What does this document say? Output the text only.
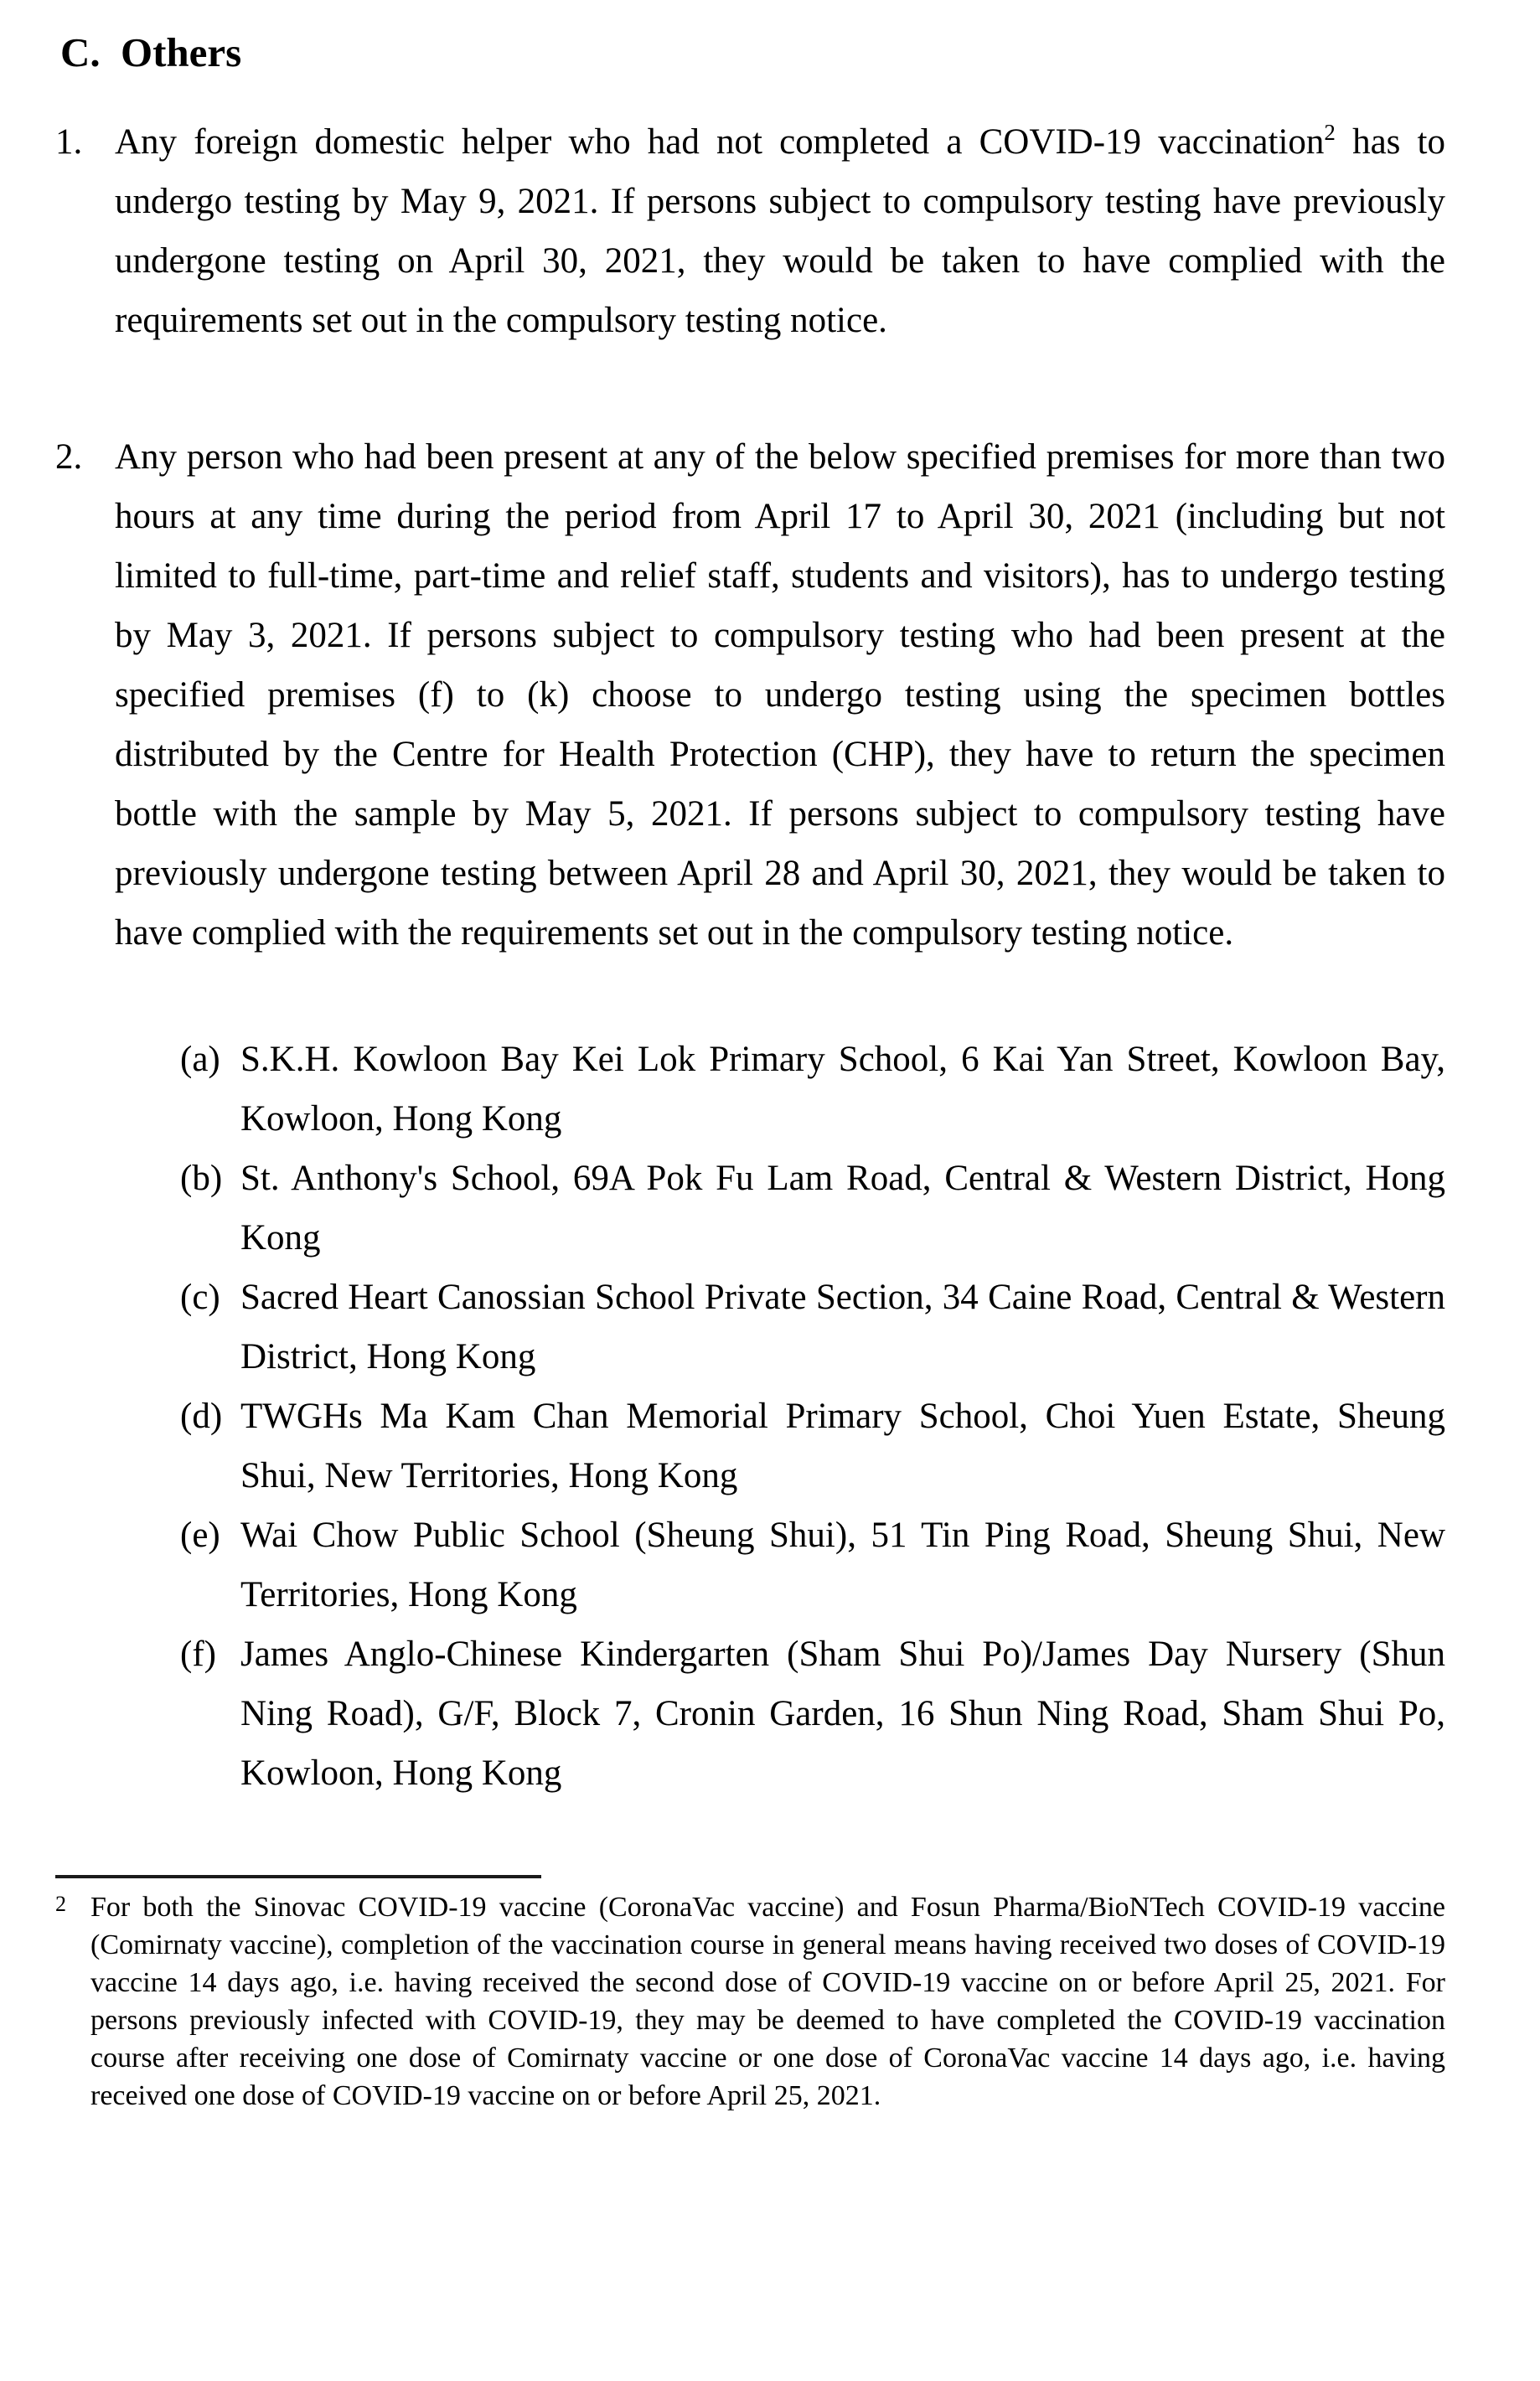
C. Others
1. Any foreign domestic helper who had not completed a COVID-19 vaccination$^2$ has to undergo testing by May 9, 2021. If persons subject to compulsory testing have previously undergone testing on April 30, 2021, they would be taken to have complied with the requirements set out in the compulsory testing notice.
2. Any person who had been present at any of the below specified premises for more than two hours at any time during the period from April 17 to April 30, 2021 (including but not limited to full-time, part-time and relief staff, students and visitors), has to undergo testing by May 3, 2021. If persons subject to compulsory testing who had been present at the specified premises (f) to (k) choose to undergo testing using the specimen bottles distributed by the Centre for Health Protection (CHP), they have to return the specimen bottle with the sample by May 5, 2021. If persons subject to compulsory testing have previously undergone testing between April 28 and April 30, 2021, they would be taken to have complied with the requirements set out in the compulsory testing notice.
(a) S.K.H. Kowloon Bay Kei Lok Primary School, 6 Kai Yan Street, Kowloon Bay, Kowloon, Hong Kong
(b) St. Anthony's School, 69A Pok Fu Lam Road, Central & Western District, Hong Kong
(c) Sacred Heart Canossian School Private Section, 34 Caine Road, Central & Western District, Hong Kong
(d) TWGHs Ma Kam Chan Memorial Primary School, Choi Yuen Estate, Sheung Shui, New Territories, Hong Kong
(e) Wai Chow Public School (Sheung Shui), 51 Tin Ping Road, Sheung Shui, New Territories, Hong Kong
(f) James Anglo-Chinese Kindergarten (Sham Shui Po)/James Day Nursery (Shun Ning Road), G/F, Block 7, Cronin Garden, 16 Shun Ning Road, Sham Shui Po, Kowloon, Hong Kong
2 For both the Sinovac COVID-19 vaccine (CoronaVac vaccine) and Fosun Pharma/BioNTech COVID-19 vaccine (Comirnaty vaccine), completion of the vaccination course in general means having received two doses of COVID-19 vaccine 14 days ago, i.e. having received the second dose of COVID-19 vaccine on or before April 25, 2021. For persons previously infected with COVID-19, they may be deemed to have completed the COVID-19 vaccination course after receiving one dose of Comirnaty vaccine or one dose of CoronaVac vaccine 14 days ago, i.e. having received one dose of COVID-19 vaccine on or before April 25, 2021.
